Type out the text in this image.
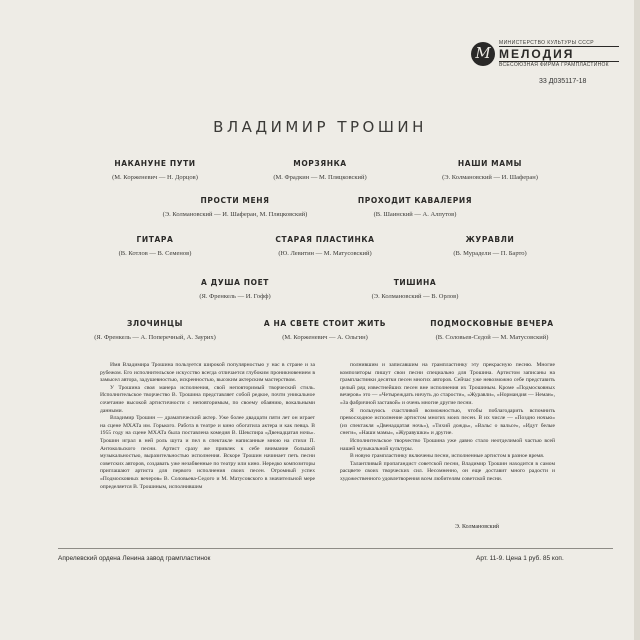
M
МИНИСТЕРСТВО КУЛЬТУРЫ СССР
МЕЛОДИЯ
ВСЕСОЮЗНАЯ ФИРМА ГРАМПЛАСТИНОК
33 Д035117-18
ВЛАДИМИР ТРОШИН
НАКАНУНЕ ПУТИ
(М. Корженевич — Н. Дорцов)
МОРЗЯНКА
(М. Фрадкин — М. Пляцковский)
НАШИ МАМЫ
(Э. Колмановский — И. Шаферан)
ПРОСТИ МЕНЯ
(Э. Колмановский — И. Шаферан, М. Пляцковский)
ПРОХОДИТ КАВАЛЕРИЯ
(В. Шаинский — А. Алпутов)
ГИТАРА
(В. Котлов — В. Семенов)
СТАРАЯ ПЛАСТИНКА
(Ю. Левитин — М. Матусовский)
ЖУРАВЛИ
(В. Мурадели — П. Барто)
А ДУША ПОЕТ
(Я. Френкель — И. Гофф)
ТИШИНА
(Э. Колмановский — В. Орлов)
ЗЛОЧИНЦЫ
(Я. Френкель — А. Поперечный, А. Заурих)
А НА СВЕТЕ СТОИТ ЖИТЬ
(М. Корженевич — А. Ольгин)
ПОДМОСКОВНЫЕ ВЕЧЕРА
(В. Соловьев-Седой — М. Матусовский)

Имя Владимира Трошина пользуется широкой популярностью у нас в стране и за рубежом. Его исполнительское искусство всегда отличается глубоким проникновением в замысел автора, задушевностью, искренностью, высоким актерским мастерством.

У Трошина своя манера исполнения, свой неповторимый творческий стиль. Исполнительское творчество В. Трошина представляет собой редкое, почти уникальное сочетание высокой артистичности с неповторимым, по своему обаянию, вокальными данными.

Владимир Трошин — драматический актер. Уже более двадцати пяти лет он играет на сцене МХАТа им. Горького. Работа в театре и кино обогатила актера и как певца. В 1955 году на сцене МХАТа была поставлена комедия В. Шекспира «Двенадцатая ночь». Трошин играл в ней роль шута и пел в спектакле написанные мною на стихи П. Антокольского песни. Артист сразу же привлек к себе внимание большой музыкальностью, выразительностью исполнения. Вскоре Трошин начинает петь песни советских авторов, создавать уже незабвенные по театру или кино. Нередко композиторы приглашают артиста для первого исполнения своих песен. Огромный успех «Подмосковных вечеров» В. Соловьева-Седого и М. Матусовского в значительной мере определяется В. Трошиным, исполнившим

полнившим и записавшим на грампластинку эту прекрасную песню. Многие композиторы пишут свои песни специально для Трошина. Артистом записаны на грампластинки десятки песен многих авторов. Сейчас уже невозможно себе представить целый ряд известнейших песен вне исполнения их Трошиным. Кроме «Подмосковных вечеров» это — «Четыреждать ничуть до старости», «Журавли», «Нормандия — Неман», «За фабричной заставой» и очень многие другие песни.

Я пользуюсь счастливой возможностью, чтобы поблагодарить вспомнить превосходное исполнение артистом многих моих песен. В их числе — «Поздно ночью» (из спектакля «Двенадцатая ночь»), «Тихий дождь», «Вальс о вальсе», «Идут белые снеги», «Наши мамы», «Журавушки» и другие.

Исполнительское творчество Трошина уже давно стало неотделимой частью всей нашей музыкальной культуры.

В новую грампластинку включены песни, исполненные артистом в разное время.

Талантливый пропагандист советской песни, Владимир Трошин находится в самом расцвете своих творческих сил. Несомненно, он еще доставит много радости и художественного удовлетворения всем любителям советской песни.

Э. Колмановский
Апрелевский ордена Ленина завод грампластинок	Арт. 11-9. Цена 1 руб. 85 коп.
